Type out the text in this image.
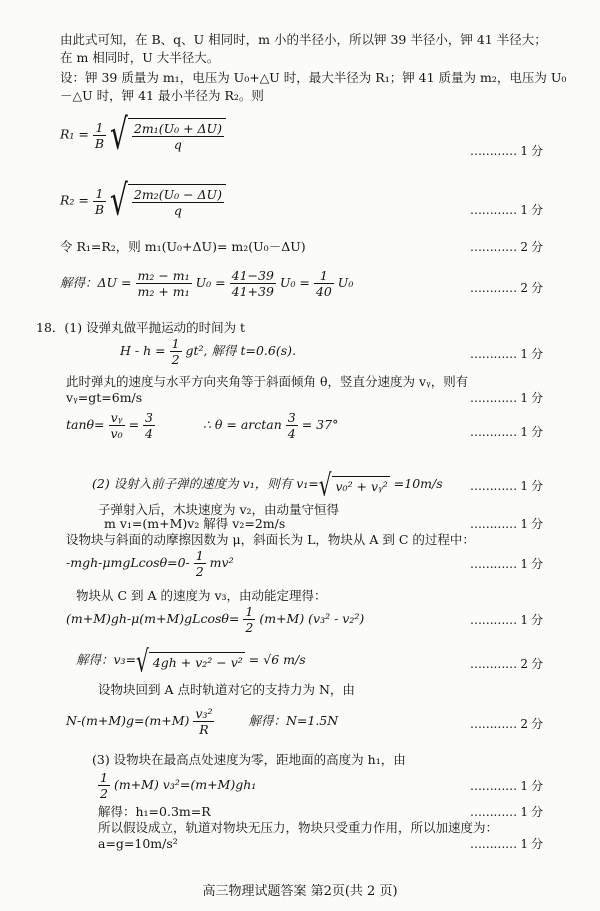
由此式可知，在 B、q、U 相同时，m 小的半径小，所以钾 39 半径小，钾 41 半径大；
在 m 相同时，U 大半径大。
设：钾 39 质量为 m₁，电压为 U₀+△U 时，最大半径为 R₁；钾 41 质量为 m₂，电压为 U₀
－△U 时，钾 41 最小半径为 R₂。则
$R_1 = \frac{1}{B}$ √ $\frac{\text{2m₁(U₀ + ΔU)}}{q}$	………… 1 分
$R_2 = \frac{1}{B}$ √ $\frac{\text{2m₂(U₀ − ΔU)}}{q}$	………… 1 分
令 R₁=R₂，则 m₁(U₀+ΔU)= m₂(U₀－ΔU)	………… 2 分
解得：$\Delta U = \frac{\text{m₂ − m₁}}{\text{m₂ + m₁}} U_0 = \frac{41-39}{41+39} U_0 = \frac{1}{40} U_0$	………… 2 分
18．(1) 设弹丸做平抛运动的时间为 t
$H - h = \frac{1}{2} gt^2$, 解得 t=0.6(s).	………… 1 分
此时弹丸的速度与水平方向夹角等于斜面倾角 θ，竖直分速度为 vᵧ，则有
vᵧ=gt=6m/s	………… 1 分
$\tan\theta= \frac{\text{vᵧ}}{\text{v₀}} = \frac{3}{4}$	∴ $\theta = \arctan \frac{3}{4} = 37^\circ$	………… 1 分
(2) 设射入前子弹的速度为 v₁，则有 v₁=√ v₀² + vᵧ² =10m/s ………… 1 分
子弹射入后，木块速度为 v₂，由动量守恒得
m v₁=(m+M)v₂ 解得 v₂=2m/s	………… 1 分
设物块与斜面的动摩擦因数为 μ，斜面长为 L，物块从 A 到 C 的过程中：
$-mgh-\mu mgLcos\theta=0- \frac{1}{2} mv^2$	………… 1 分
物块从 C 到 A 的速度为 v₃，由动能定理得：
$(m+M)gh-\mu(m+M)gLcos\theta= \frac{1}{2} (m+M)$ (v₃² - v₂²)	………… 1 分
解得：v₃=√ 4gh + v₂² − v² = √6 m/s	………… 2 分
设物块回到 A 点时轨道对它的支持力为 N，由
$N-(m+M)g=(m+M) \frac{\text{v₃²}}{R}$	解得：N=1.5N	………… 2 分
(3) 设物块在最高点处速度为零，距地面的高度为 h₁，由
$\frac{1}{2} (m+M)$ v₃²=(m+M)gh₁	………… 1 分
解得：h₁=0.3m=R	………… 1 分
所以假设成立，轨道对物块无压力，物块只受重力作用，所以加速度为：
a=g=10m/s²	………… 1 分
高三物理试题答案 第2页(共 2 页)
